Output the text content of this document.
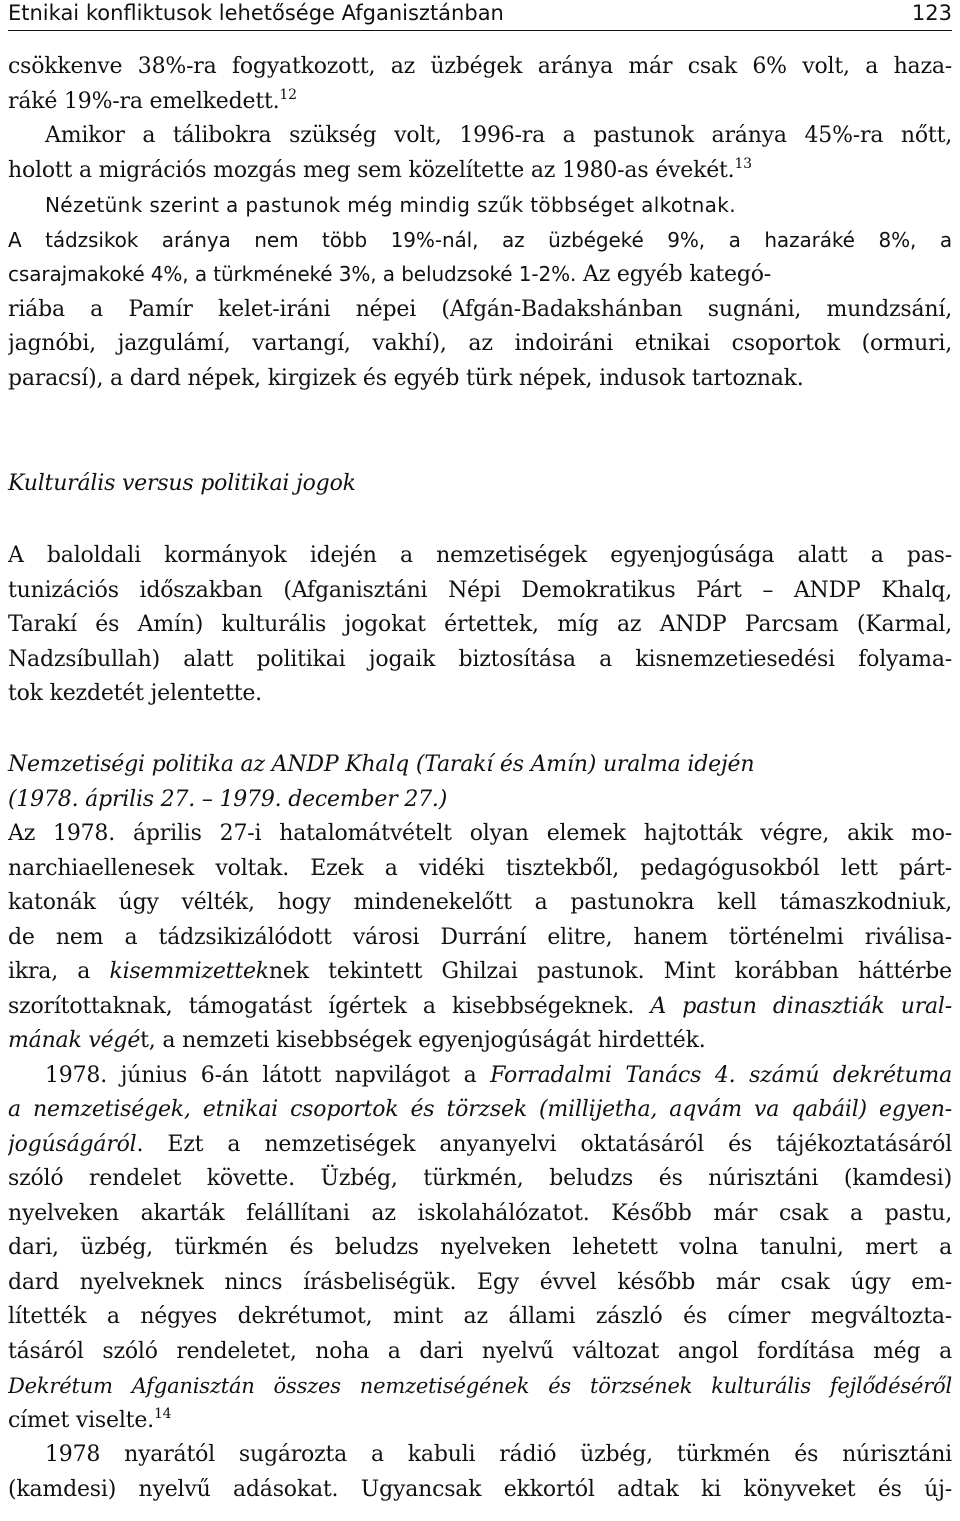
Etnikai konfliktusok lehetősége Afganisztánban	123
csökkenve 38%-ra fogyatkozott, az üzbégek aránya már csak 6% volt, a haza-
ráké 19%-ra emelkedett.$^{12}$
Amikor a tálibokra szükség volt, 1996-ra a pastunok aránya 45%-ra nőtt,
holott a migrációs mozgás meg sem közelítette az 1980-as évekét.$^{13}$
Nézetünk szerint a pastunok még mindig szűk többséget alkotnak.
A tádzsikok aránya nem több 19%-nál, az üzbégeké 9%, a hazaráké 8%, a
csarajmakoké 4%, a türkméneké 3%, a beludzsoké 1-2%. Az egyéb kategó-
riába a Pamír kelet-iráni népei (Afgán-Badakshánban sugnáni, mundzsání,
jagnóbi, jazgulámí, vartangí, vakhí), az indoiráni etnikai csoportok (ormuri,
paracsí), a dard népek, kirgizek és egyéb türk népek, indusok tartoznak.
Kulturális versus politikai jogok
A baloldali kormányok idején a nemzetiségek egyenjogúsága alatt a pas-
tunizációs időszakban (Afganisztáni Népi Demokratikus Párt – ANDP Khalq,
Tarakí és Amín) kulturális jogokat értettek, míg az ANDP Parcsam (Karmal,
Nadzsíbullah) alatt politikai jogaik biztosítása a kisnemzetiesedési folyama-
tok kezdetét jelentette.
Nemzetiségi politika az ANDP Khalq (Tarakí és Amín) uralma idején
(1978. április 27. – 1979. december 27.)
Az 1978. április 27-i hatalomátvételt olyan elemek hajtották végre, akik mo-
narchiaellenesek voltak. Ezek a vidéki tisztekből, pedagógusokból lett párt-
katonák úgy vélték, hogy mindenekelőtt a pastunokra kell támaszkodniuk,
de nem a tádzsikizálódott városi Durrání elitre, hanem történelmi riválisa-
ikra, a kisemmizetteknek tekintett Ghilzai pastunok. Mint korábban háttérbe
szorítottaknak, támogatást ígértek a kisebbségeknek. A pastun dinasztiák ural-
mának végét, a nemzeti kisebbségek egyenjogúságát hirdették.
1978. június 6-án látott napvilágot a Forradalmi Tanács 4. számú dekrétuma
a nemzetiségek, etnikai csoportok és törzsek (millijetha, aqvám va qabáil) egyen-
jogúságáról. Ezt a nemzetiségek anyanyelvi oktatásáról és tájékoztatásáról
szóló rendelet követte. Üzbég, türkmén, beludzs és núrisztáni (kamdesi)
nyelveken akarták felállítani az iskolahálózatot. Később már csak a pastu,
dari, üzbég, türkmén és beludzs nyelveken lehetett volna tanulni, mert a
dard nyelveknek nincs írásbeliségük. Egy évvel később már csak úgy em-
lítették a négyes dekrétumot, mint az állami zászló és címer megváltozta-
tásáról szóló rendeletet, noha a dari nyelvű változat angol fordítása még a
Dekrétum Afganisztán összes nemzetiségének és törzsének kulturális fejlődéséről
címet viselte.$^{14}$
1978 nyarától sugározta a kabuli rádió üzbég, türkmén és núrisztáni
(kamdesi) nyelvű adásokat. Ugyancsak ekkortól adtak ki könyveket és új-
